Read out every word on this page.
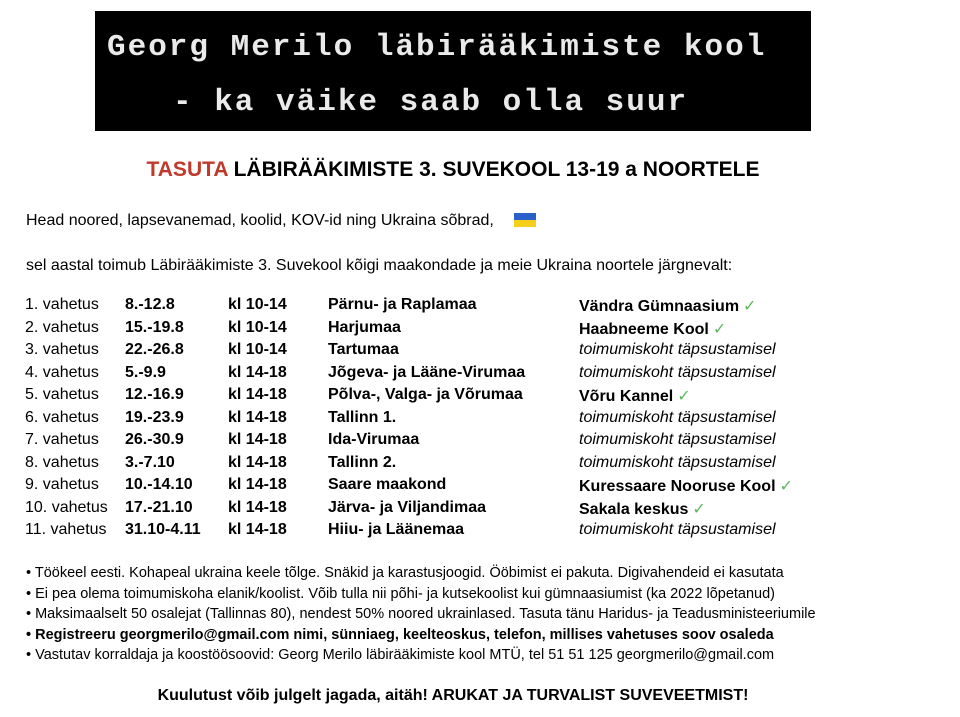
Georg Merilo läbirääkimiste kool
- ka väike saab olla suur
TASUTA LÄBIRÄÄKIMISTE 3. SUVEKOOL 13-19 a NOORTELE
Head noored, lapsevanemad, koolid, KOV-id ning Ukraina sõbrad,
sel aastal toimub Läbirääkimiste 3. Suvekool kõigi maakondade ja meie Ukraina noortele järgnevalt:
1. vahetus 8.-12.8	kl 10-14	Pärnu- ja Raplamaa	Vändra Gümnaasium ✓
2. vahetus 15.-19.8	kl 10-14	Harjumaa	Haabneeme Kool ✓
3. vahetus 22.-26.8	kl 10-14	Tartumaa	toimumiskoht täpsustamisel
4. vahetus 5.-9.9	kl 14-18	Jõgeva- ja Lääne-Virumaa	toimumiskoht täpsustamisel
5. vahetus 12.-16.9	kl 14-18	Põlva-, Valga- ja Võrumaa	Võru Kannel ✓
6. vahetus 19.-23.9	kl 14-18	Tallinn 1.	toimumiskoht täpsustamisel
7. vahetus 26.-30.9	kl 14-18	Ida-Virumaa	toimumiskoht täpsustamisel
8. vahetus 3.-7.10	kl 14-18	Tallinn 2.	toimumiskoht täpsustamisel
9. vahetus 10.-14.10 kl 14-18	Saare maakond	Kuressaare Nooruse Kool ✓
10. vahetus 17.-21.10 kl 14-18	Järva- ja Viljandimaa	Sakala keskus ✓
11. vahetus 31.10-4.11 kl 14-18	Hiiu- ja Läänemaa	toimumiskoht täpsustamisel
• Töökeel eesti. Kohapeal ukraina keele tõlge. Snäkid ja karastusjoogid. Ööbimist ei pakuta. Digivahendeid ei kasutata
• Ei pea olema toimumiskoha elanik/koolist. Võib tulla nii põhi- ja kutsekoolist kui gümnaasiumist (ka 2022 lõpetanud)
• Maksimaalselt 50 osalejat (Tallinnas 80), nendest 50% noored ukrainlased. Tasuta tänu Haridus- ja Teadusministeeriumile
• Registreeru georgmerilo@gmail.com nimi, sünniaeg, keelteoskus, telefon, millises vahetuses soov osaleda
• Vastutav korraldaja ja koostöösoovid: Georg Merilo läbirääkimiste kool MTÜ, tel 51 51 125 georgmerilo@gmail.com
Kuulutust võib julgelt jagada, aitäh! ARUKAT JA TURVALIST SUVEVEETMIST!
